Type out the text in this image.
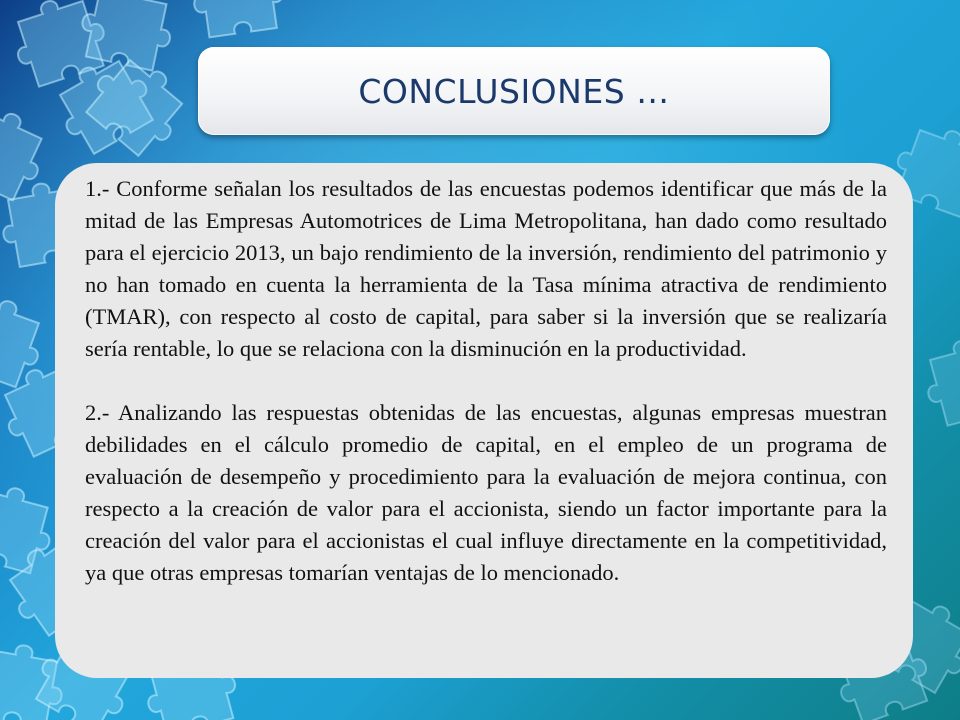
CONCLUSIONES …

1.- Conforme señalan los resultados de las encuestas podemos identificar que más de la mitad de las Empresas Automotrices de Lima Metropolitana, han dado como resultado para el ejercicio 2013, un bajo rendimiento de la inversión, rendimiento del patrimonio y no han tomado en cuenta la herramienta de la Tasa mínima atractiva de rendimiento (TMAR), con respecto al costo de capital, para saber si la inversión que se realizaría sería rentable, lo que se relaciona con la disminución en la productividad.

2.- Analizando las respuestas obtenidas de las encuestas, algunas empresas muestran debilidades en el cálculo promedio de capital, en el empleo de un programa de evaluación de desempeño y procedimiento para la evaluación de mejora continua, con respecto a la creación de valor para el accionista, siendo un factor importante para la creación del valor para el accionistas el cual influye directamente en la competitividad, ya que otras empresas tomarían ventajas de lo mencionado.
